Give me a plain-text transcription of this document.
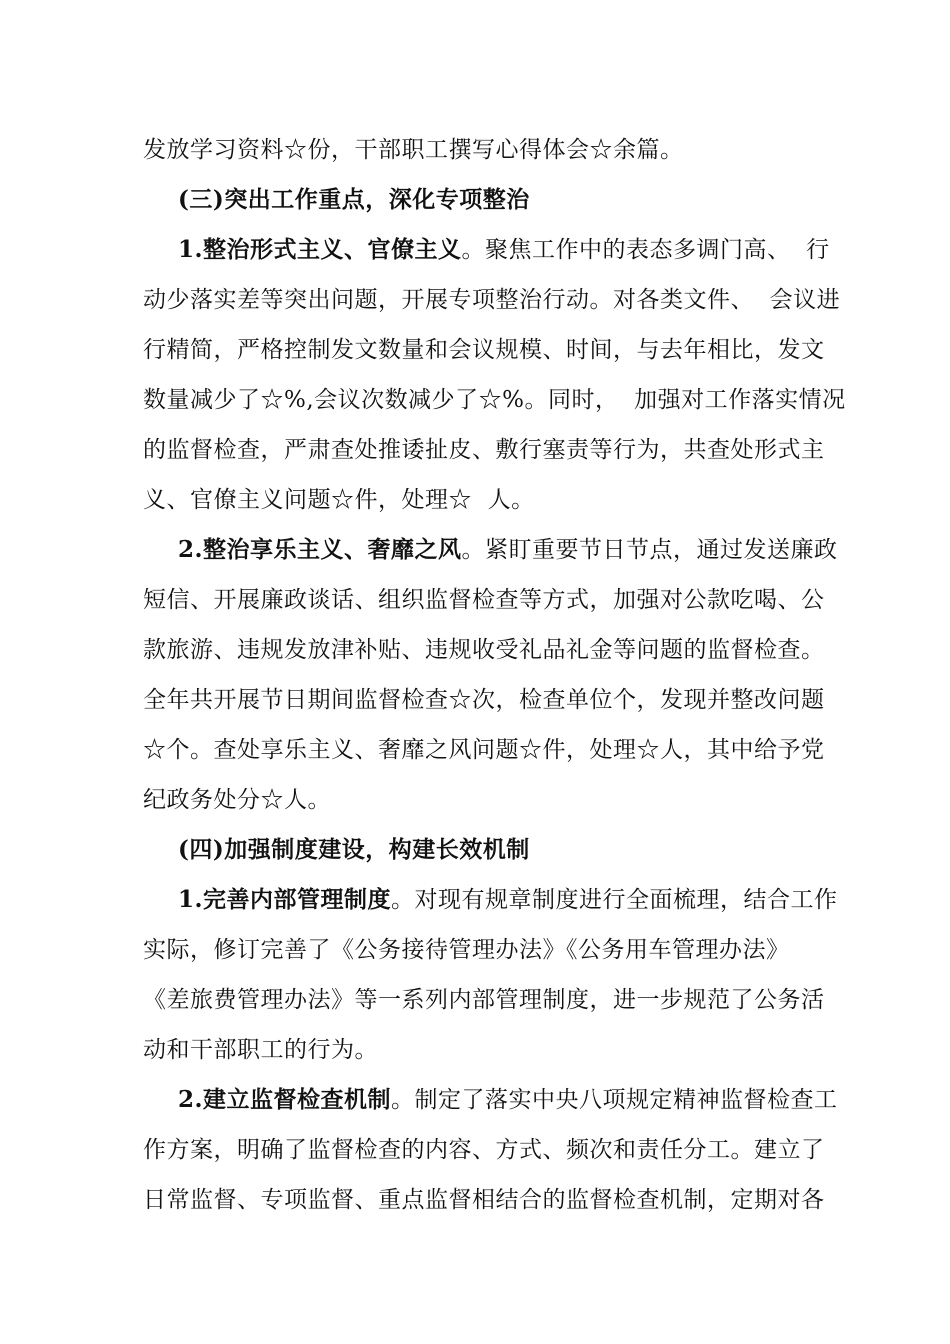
发放学习资料☆份，干部职工撰写心得体会☆余篇。

(三)突出工作重点，深化专项整治

1.整治形式主义、官僚主义。聚焦工作中的表态多调门高、  行

动少落实差等突出问题，开展专项整治行动。对各类文件、  会议进

行精简，严格控制发文数量和会议规模、时间，与去年相比，发文

数量减少了☆%,会议次数减少了☆%。同时，  加强对工作落实情况

的监督检查，严肃查处推诿扯皮、敷行塞责等行为，共查处形式主

义、官僚主义问题☆件，处理☆  人。

2.整治享乐主义、奢靡之风。紧盯重要节日节点，通过发送廉政

短信、开展廉政谈话、组织监督检查等方式，加强对公款吃喝、公

款旅游、违规发放津补贴、违规收受礼品礼金等问题的监督检查。

全年共开展节日期间监督检查☆次，检查单位个，发现并整改问题

☆个。查处享乐主义、奢靡之风问题☆件，处理☆人，其中给予党

纪政务处分☆人。

(四)加强制度建设，构建长效机制

1.完善内部管理制度。对现有规章制度进行全面梳理，结合工作

实际，修订完善了《公务接待管理办法》《公务用车管理办法》

《差旅费管理办法》等一系列内部管理制度，进一步规范了公务活

动和干部职工的行为。

2.建立监督检查机制。制定了落实中央八项规定精神监督检查工

作方案，明确了监督检查的内容、方式、频次和责任分工。建立了

日常监督、专项监督、重点监督相结合的监督检查机制，定期对各
